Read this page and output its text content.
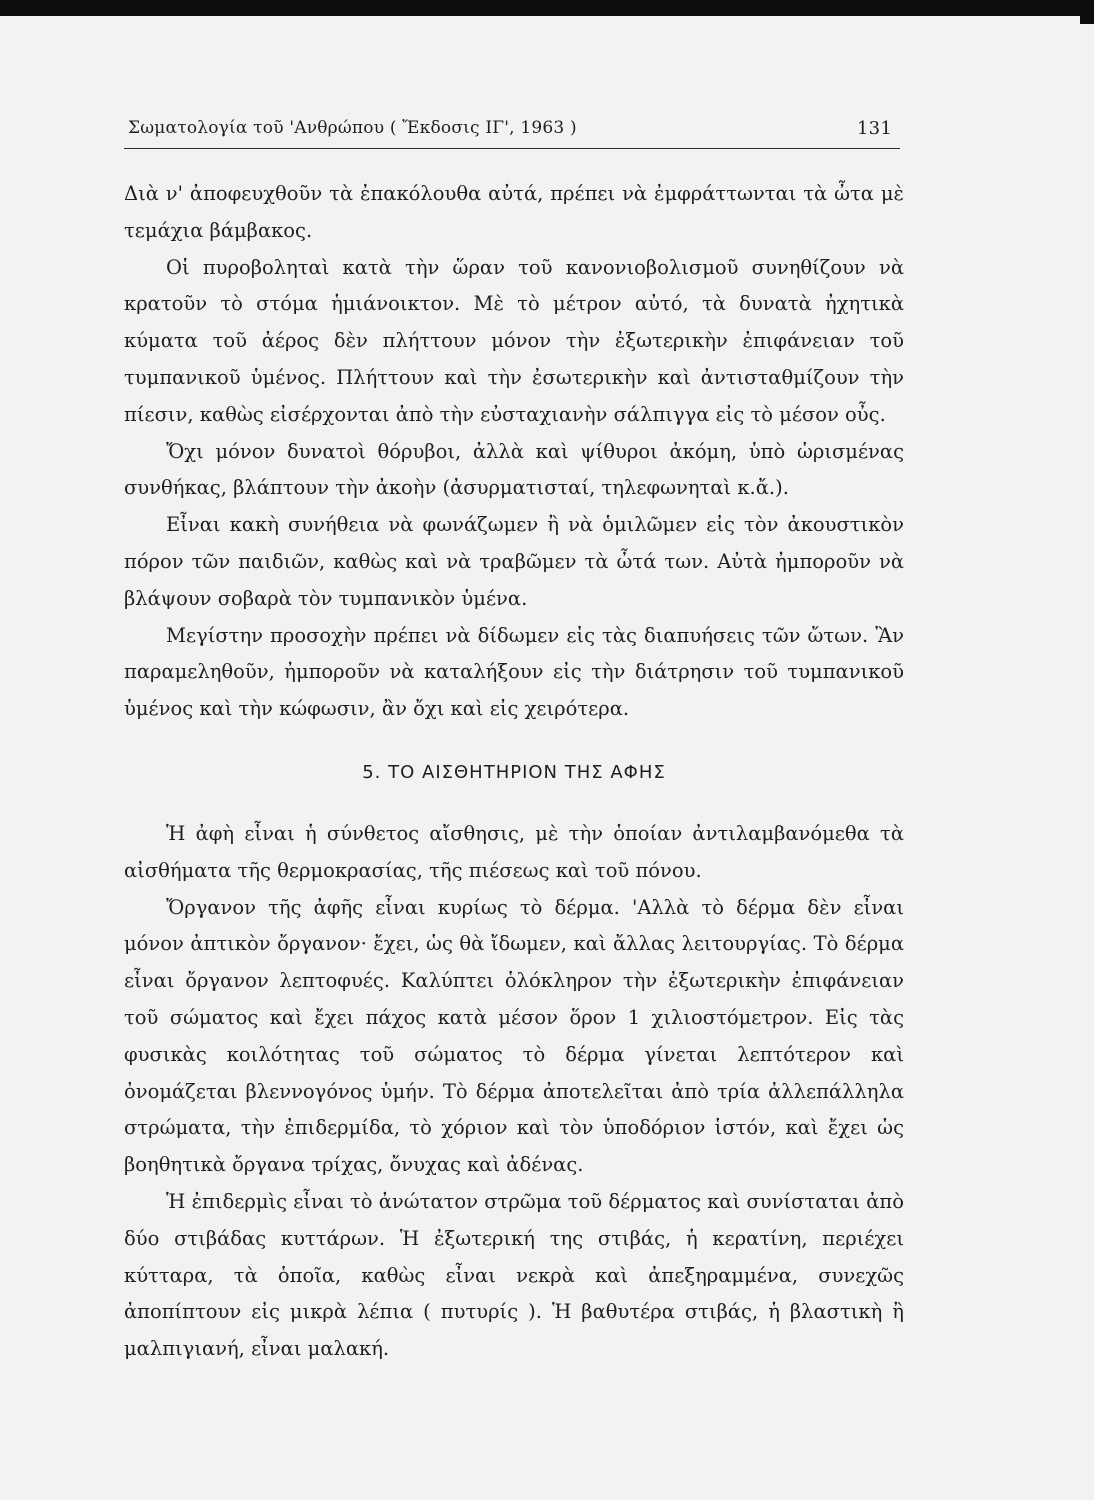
Σωματολογία τοῦ 'Ανθρώπου ( Ἔκδοσις ΙΓ', 1963 )	131

Διὰ ν' ἀποφευχθοῦν τὰ ἐπακόλουθα αὐτά, πρέπει νὰ ἐμφράττωνται τὰ ὦτα μὲ τεμάχια βάμβακος.

Οἱ πυροβοληταὶ κατὰ τὴν ὥραν τοῦ κανονιοβολισμοῦ συνηθίζουν νὰ κρατοῦν τὸ στόμα ἡμιάνοικτον. Μὲ τὸ μέτρον αὐτό, τὰ δυνατὰ ἠχητικὰ κύματα τοῦ ἀέρος δὲν πλήττουν μόνον τὴν ἐξωτερικὴν ἐπιφάνειαν τοῦ τυμπανικοῦ ὑμένος. Πλήττουν καὶ τὴν ἐσωτερικὴν καὶ ἀντισταθμίζουν τὴν πίεσιν, καθὼς εἰσέρχονται ἀπὸ τὴν εὐσταχιανὴν σάλπιγγα εἰς τὸ μέσον οὖς.

Ὄχι μόνον δυνατοὶ θόρυβοι, ἀλλὰ καὶ ψίθυροι ἀκόμη, ὑπὸ ὡρισμένας συνθήκας, βλάπτουν τὴν ἀκοὴν (ἀσυρματισταί, τηλεφωνηταὶ κ.ἄ.).

Εἶναι κακὴ συνήθεια νὰ φωνάζωμεν ἢ νὰ ὁμιλῶμεν εἰς τὸν ἀκουστικὸν πόρον τῶν παιδιῶν, καθὼς καὶ νὰ τραβῶμεν τὰ ὦτά των. Αὐτὰ ἠμποροῦν νὰ βλάψουν σοβαρὰ τὸν τυμπανικὸν ὑμένα.

Μεγίστην προσοχὴν πρέπει νὰ δίδωμεν εἰς τὰς διαπυήσεις τῶν ὤτων. Ἂν παραμεληθοῦν, ἠμποροῦν νὰ καταλήξουν εἰς τὴν διάτρησιν τοῦ τυμπανικοῦ ὑμένος καὶ τὴν κώφωσιν, ἂν ὄχι καὶ εἰς χειρότερα.

5. ΤΟ ΑΙΣΘΗΤΗΡΙΟΝ ΤΗΣ ΑΦΗΣ

Ἡ ἀφὴ εἶναι ἡ σύνθετος αἴσθησις, μὲ τὴν ὁποίαν ἀντιλαμβανόμεθα τὰ αἰσθήματα τῆς θερμοκρασίας, τῆς πιέσεως καὶ τοῦ πόνου.

Ὄργανον τῆς ἀφῆς εἶναι κυρίως τὸ δέρμα. 'Αλλὰ τὸ δέρμα δὲν εἶναι μόνον ἀπτικὸν ὄργανον· ἔχει, ὡς θὰ ἴδωμεν, καὶ ἄλλας λειτουργίας. Τὸ δέρμα εἶναι ὄργανον λεπτοφυές. Καλύπτει ὁλόκληρον τὴν ἐξωτερικὴν ἐπιφάνειαν τοῦ σώματος καὶ ἔχει πάχος κατὰ μέσον ὅρον 1 χιλιοστόμετρον. Εἰς τὰς φυσικὰς κοιλότητας τοῦ σώματος τὸ δέρμα γίνεται λεπτότερον καὶ ὀνομάζεται βλεννογόνος ὑμήν. Τὸ δέρμα ἀποτελεῖται ἀπὸ τρία ἀλλεπάλληλα στρώματα, τὴν ἐπιδερμίδα, τὸ χόριον καὶ τὸν ὑποδόριον ἱστόν, καὶ ἔχει ὡς βοηθητικὰ ὄργανα τρίχας, ὄνυχας καὶ ἀδένας.

Ἡ ἐπιδερμὶς εἶναι τὸ ἀνώτατον στρῶμα τοῦ δέρματος καὶ συνίσταται ἀπὸ δύο στιβάδας κυττάρων. Ἡ ἐξωτερική της στιβάς, ἡ κερατίνη, περιέχει κύτταρα, τὰ ὁποῖα, καθὼς εἶναι νεκρὰ καὶ ἀπεξηραμμένα, συνεχῶς ἀποπίπτουν εἰς μικρὰ λέπια ( πυτυρίς ). Ἡ βαθυτέρα στιβάς, ἡ βλαστικὴ ἢ μαλπιγιανή, εἶναι μαλακή.
